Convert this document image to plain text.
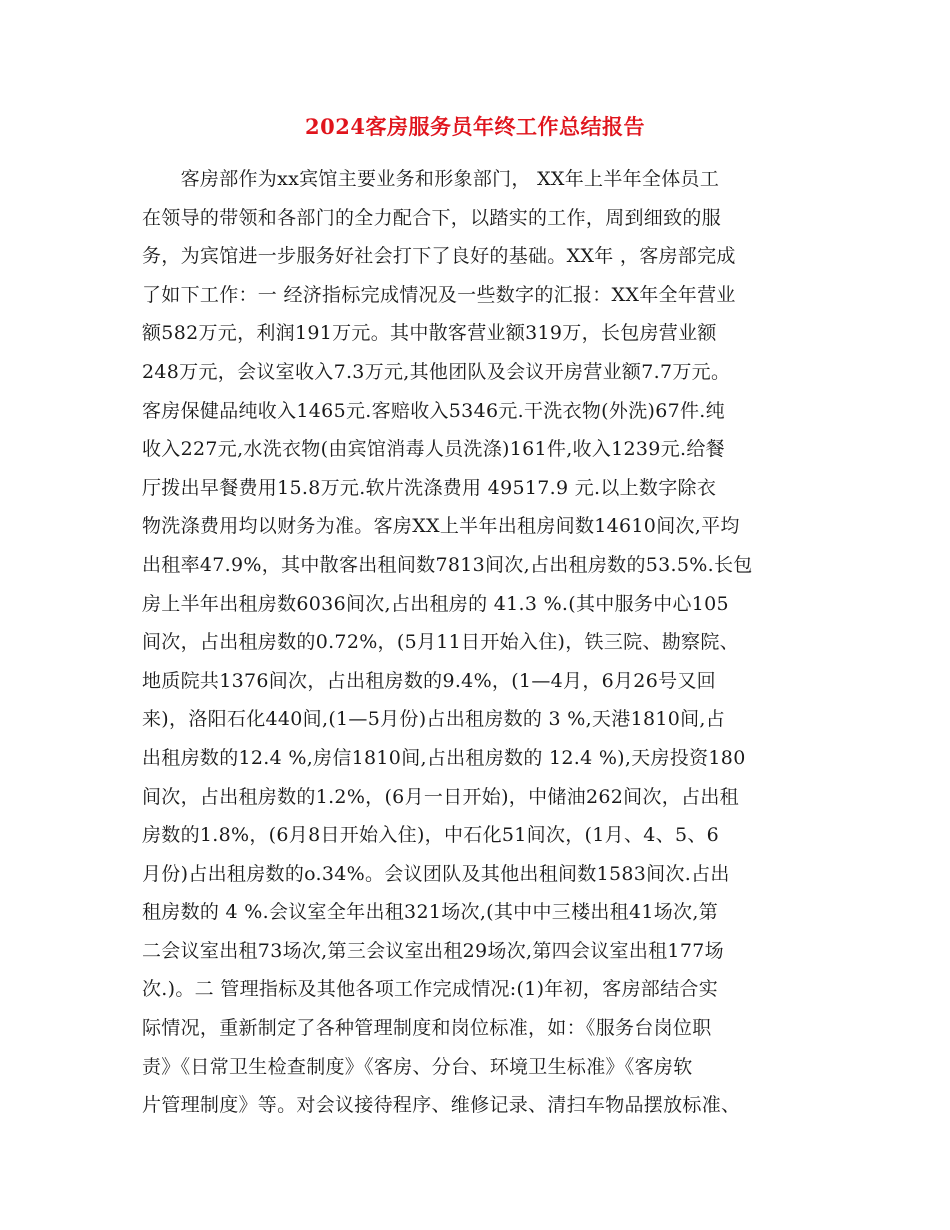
2024客房服务员年终工作总结报告
　　客房部作为xx宾馆主要业务和形象部门， XX年上半年全体员工
在领导的带领和各部门的全力配合下，以踏实的工作，周到细致的服
务，为宾馆进一步服务好社会打下了良好的基础。XX年 ，客房部完成
了如下工作：一 经济指标完成情况及一些数字的汇报：XX年全年营业
额582万元，利润191万元。其中散客营业额319万，长包房营业额
248万元，会议室收入7.3万元,其他团队及会议开房营业额7.7万元。
客房保健品纯收入1465元.客赔收入5346元.干洗衣物(外洗)67件.纯
收入227元,水洗衣物(由宾馆消毒人员洗涤)161件,收入1239元.给餐
厅拨出早餐费用15.8万元.软片洗涤费用 49517.9 元.以上数字除衣
物洗涤费用均以财务为准。客房XX上半年出租房间数14610间次,平均
出租率47.9%，其中散客出租间数7813间次,占出租房数的53.5%.长包
房上半年出租房数6036间次,占出租房的 41.3 %.(其中服务中心105
间次，占出租房数的0.72%，(5月11日开始入住)，铁三院、勘察院、
地质院共1376间次，占出租房数的9.4%，(1—4月，6月26号又回
来)，洛阳石化440间,(1—5月份)占出租房数的 3 %,天港1810间,占
出租房数的12.4 %,房信1810间,占出租房数的 12.4 %),天房投资180
间次，占出租房数的1.2%，(6月一日开始)，中储油262间次，占出租
房数的1.8%，(6月8日开始入住)，中石化51间次，(1月、4、5、6
月份)占出租房数的o.34%。会议团队及其他出租间数1583间次.占出
租房数的 4 %.会议室全年出租321场次,(其中中三楼出租41场次,第
二会议室出租73场次,第三会议室出租29场次,第四会议室出租177场
次.)。二 管理指标及其他各项工作完成情况:(1)年初，客房部结合实
际情况，重新制定了各种管理制度和岗位标准，如：《服务台岗位职
责》《日常卫生检查制度》《客房、分台、环境卫生标准》《客房软
片管理制度》等。对会议接待程序、维修记录、清扫车物品摆放标准、
